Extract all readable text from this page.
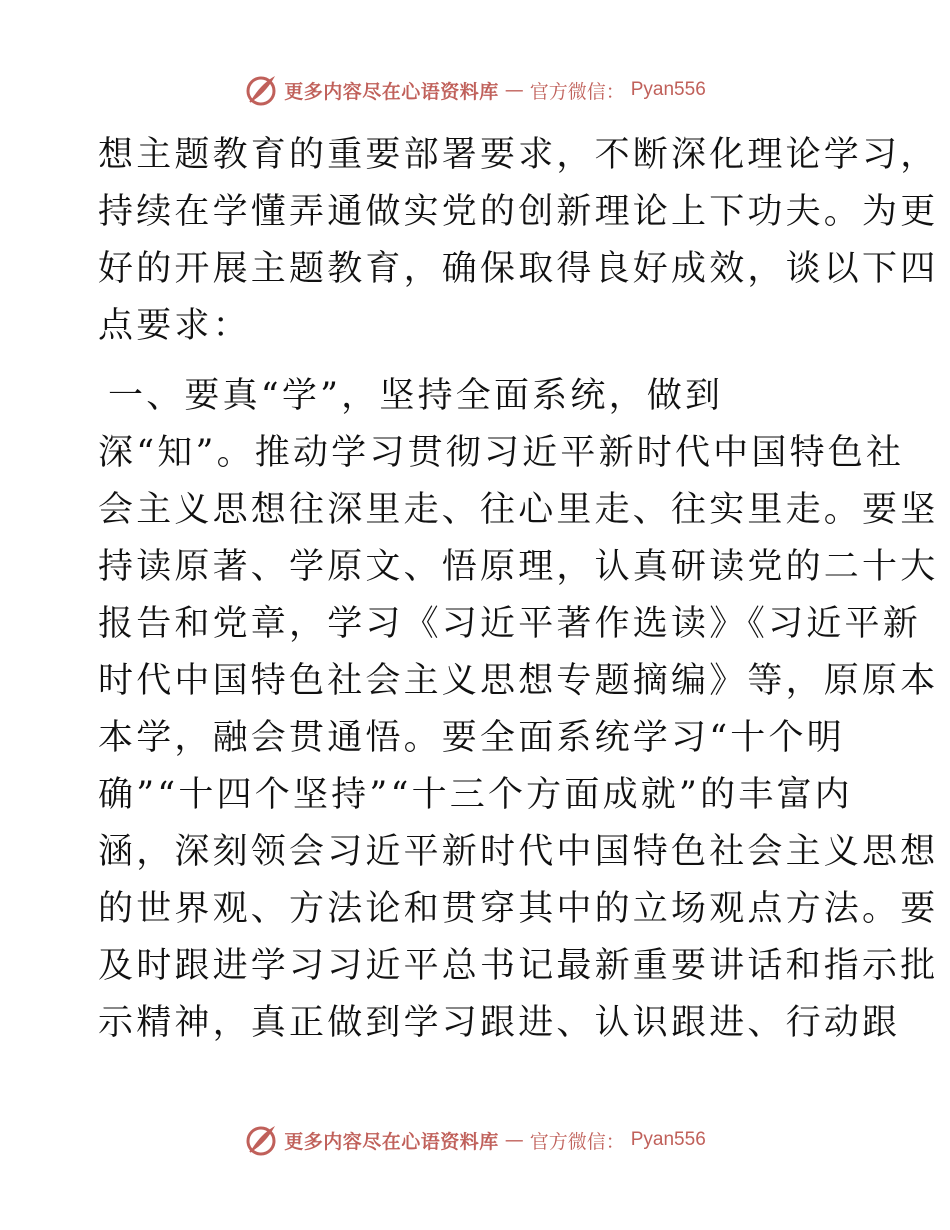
更多内容尽在心语资料库 — 官方微信： Pyan556
想主题教育的重要部署要求，不断深化理论学习，
持续在学懂弄通做实党的创新理论上下功夫。为更
好的开展主题教育，确保取得良好成效，谈以下四
点要求：
一、要真“学”，坚持全面系统，做到
深“知”。推动学习贯彻习近平新时代中国特色社
会主义思想往深里走、往心里走、往实里走。要坚
持读原著、学原文、悟原理，认真研读党的二十大
报告和党章，学习《习近平著作选读》《习近平新
时代中国特色社会主义思想专题摘编》等，原原本
本学，融会贯通悟。要全面系统学习“十个明
确”“十四个坚持”“十三个方面成就”的丰富内
涵，深刻领会习近平新时代中国特色社会主义思想
的世界观、方法论和贯穿其中的立场观点方法。要
及时跟进学习习近平总书记最新重要讲话和指示批
示精神，真正做到学习跟进、认识跟进、行动跟
更多内容尽在心语资料库 — 官方微信： Pyan556
